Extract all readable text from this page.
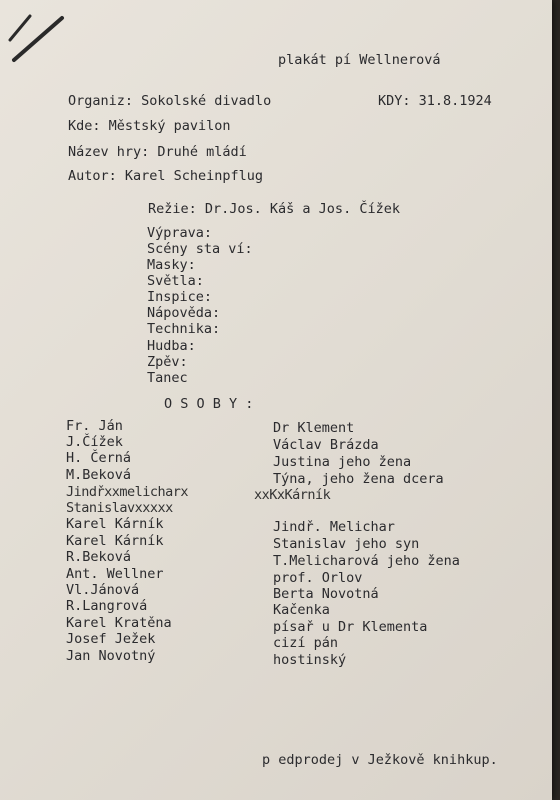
plakát pí Wellnerová
Organiz: Sokolské divadlo	KDY: 31.8.1924
Kde: Městský pavilon
Název hry: Druhé mládí
Autor: Karel Scheinpflug
Režie: Dr.Jos. Káš a Jos. Čížek
Výprava:
Scény sta ví:
Masky:
Světla:
Inspice:
Nápověda:
Technika:
Hudba:
Zpěv:
Tanec
O S O B Y :
Fr. Ján
J.Čížek
H. Černá
M.Beková
Jindřxxmelicharx
Stanislavxxxxx
Karel Kárník
Karel Kárník
R.Beková
Ant. Wellner
Vl.Jánová
R.Langrová
Karel Kratěna
Josef Ježek
Jan Novotný
Dr Klement
Václav Brázda
Justina jeho žena
Týna, jeho žena dcera
xxKxKárník
Jindř. Melichar
Stanislav jeho syn
T.Melicharová jeho žena
prof. Orlov
Berta Novotná
Kačenka
písař u Dr Klementa
cizí pán
hostinský
p edprodej v Ježkově knihkup.
